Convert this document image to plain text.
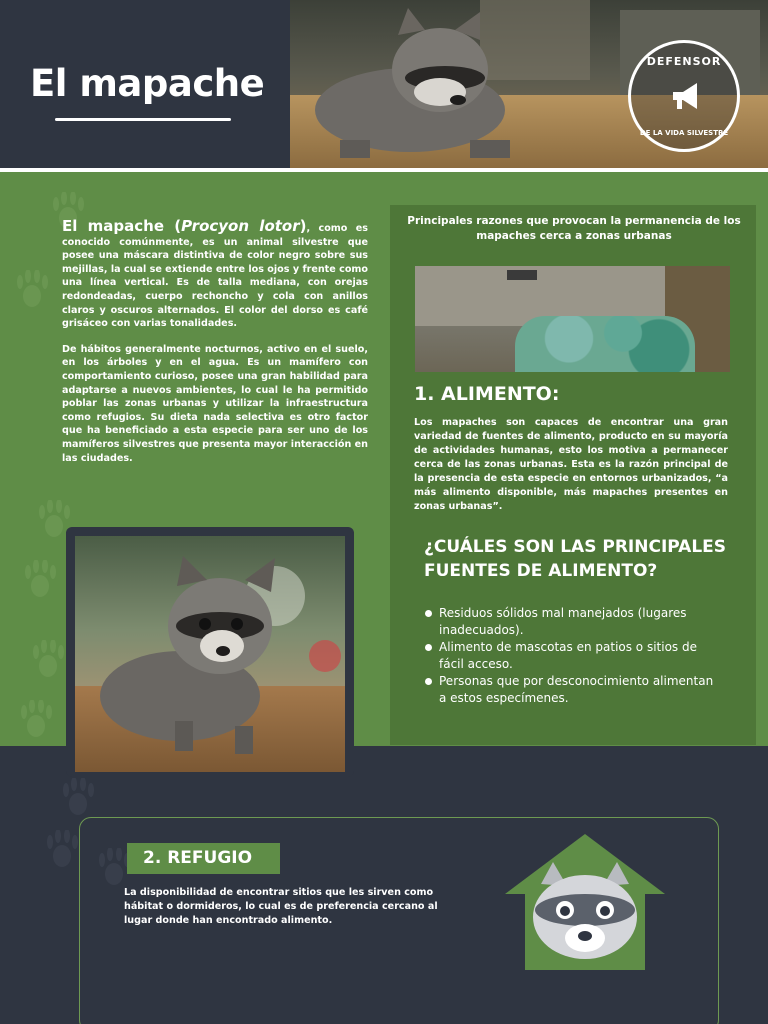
El mapache
DEFENSOR
DE LA VIDA SILVESTRE

El mapache (Procyon lotor), como es conocido comúnmente, es un animal silvestre que posee una máscara distintiva de color negro sobre sus mejillas, la cual se extiende entre los ojos y frente como una línea vertical. Es de talla mediana, con orejas redondeadas, cuerpo rechoncho y cola con anillos claros y oscuros alternados. El color del dorso es café grisáceo con varias tonalidades.

De hábitos generalmente nocturnos, activo en el suelo, en los árboles y en el agua. Es un mamífero con comportamiento curioso, posee una gran habilidad para adaptarse a nuevos ambientes, lo cual le ha permitido poblar las zonas urbanas y utilizar la infraestructura como refugios. Su dieta nada selectiva es otro factor que ha beneficiado a esta especie para ser uno de los mamíferos silvestres que presenta mayor interacción en las ciudades.

Principales razones que provocan la permanencia de los mapaches cerca a zonas urbanas
1. ALIMENTO:
Los mapaches son capaces de encontrar una gran variedad de fuentes de alimento, producto en su mayoría de actividades humanas, esto los motiva a permanecer cerca de las zonas urbanas. Esta es la razón principal de la presencia de esta especie en entornos urbanizados, “a más alimento disponible, más mapaches presentes en zonas urbanas”.
¿CUÁLES SON LAS PRINCIPALES FUENTES DE ALIMENTO?
Residuos sólidos mal manejados (lugares inadecuados).
Alimento de mascotas en patios o sitios de fácil acceso.
Personas que por desconocimiento alimentan a estos especímenes.
2. REFUGIO
La disponibilidad de encontrar sitios que les sirven como hábitat o dormideros, lo cual es de preferencia cercano al lugar donde han encontrado alimento.
